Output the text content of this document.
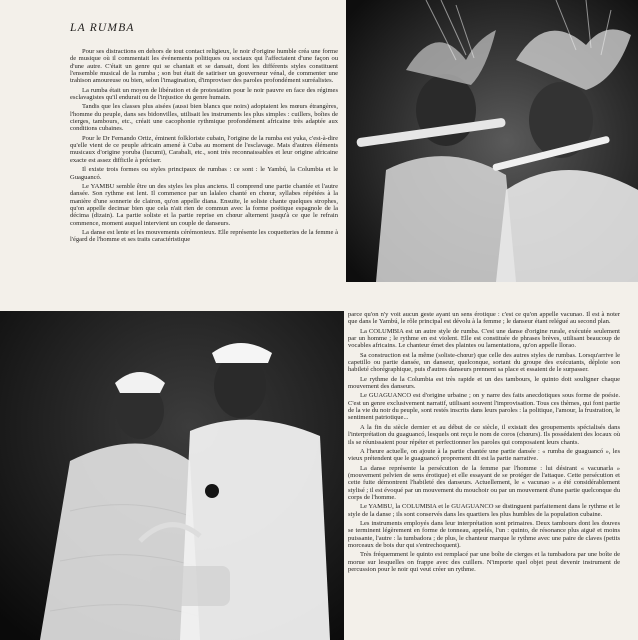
LA RUMBA

Pour ses distractions en dehors de tout contact religieux, le noir d'origine humble créa une forme de musique où il commentait les événements politiques ou sociaux qui l'affectaient d'une façon ou d'une autre. C'était un genre qui se chantait et se dansait, dont les différents styles constituent l'ensemble musical de la rumba ; son but était de satiriser un gouverneur vénal, de commenter une trahison amoureuse ou bien, selon l'imagination, d'improviser des paroles profondément surréalistes.

La rumba était un moyen de libération et de protestation pour le noir pauvre en face des régimes esclavagistes qu'il endurait ou de l'injustice du genre humain.

Tandis que les classes plus aisées (aussi bien blancs que noirs) adoptaient les mœurs étrangères, l'homme du peuple, dans ses bidonvilles, utilisait les instruments les plus simples : cuillers, boîtes de cierges, tambours, etc., créait une cacophonie rythmique profondément africaine très adaptée aux conditions cubaines.

Pour le Dr Fernando Ortiz, éminent folkloriste cubain, l'origine de la rumba est yuka, c'est-à-dire qu'elle vient de ce peuple africain amené à Cuba au moment de l'esclavage. Mais d'autres éléments musicaux d'origine yoruba (lucumi), Carabali, etc., sont très reconnaissables et leur origine africaine exacte est assez difficile à préciser.

Il existe trois formes ou styles principaux de rumbas : ce sont : le Yambú, la Columbia et le Guaguancó.

Le YAMBU semble être un des styles les plus anciens. Il comprend une partie chantée et l'autre dansée. Son rythme est lent. Il commence par un lalaleo chanté en chœur, syllabes répétées à la manière d'une sonnerie de clairon, qu'on appelle diana. Ensuite, le soliste chante quelques strophes, qu'on appelle decimar bien que cela n'ait rien de commun avec la forme poétique espagnole de la décima (dizain). La partie soliste et la partie reprise en chœur alternent jusqu'à ce que le refrain commence, moment auquel intervient un couple de danseurs.

La danse est lente et les mouvements cérémonieux. Elle représente les coquetteries de la femme à l'égard de l'homme et ses traits caractéristique

parce qu'on n'y voit aucun geste ayant un sens érotique : c'est ce qu'on appelle vacunao. Il est à noter que dans le Yambú, le rôle principal est dévolu à la femme ; le danseur étant relégué au second plan.

La COLUMBIA est un autre style de rumba. C'est une danse d'origine rurale, exécutée seulement par un homme ; le rythme en est violent. Elle est constituée de phrases brèves, utilisant beaucoup de vocables africains. Le chanteur émet des plaintes ou lamentations, qu'on appelle llorao.

Sa construction est la même (soliste-chœur) que celle des autres styles de rumbas. Lorsqu'arrive le capetillo ou partie dansée, un danseur, quelconque, sortant du groupe des exécutants, déploie son habileté chorégraphique, puis d'autres danseurs prennent sa place et essaient de le surpasser.

Le rythme de la Columbia est très rapide et un des tambours, le quinto doit souligner chaque mouvement des danseurs.

Le GUAGUANCO est d'origine urbaine ; on y narre des faits anecdotiques sous forme de poésie. C'est un genre exclusivement narratif, utilisant souvent l'improvisation. Tous ces thèmes, qui font partie de la vie du noir du peuple, sont restés inscrits dans leurs paroles : la politique, l'amour, la frustration, le sentiment patriotique...

A la fin du siècle dernier et au début de ce siècle, il existait des groupements spécialisés dans l'interprétation du guaguancó, lesquels ont reçu le nom de coros (chœurs). Ils possédaient des locaux où ils se réunissaient pour répéter et perfectionner les paroles qui composaient leurs chants.

A l'heure actuelle, on ajoute à la partie chantée une partie dansée : « rumba de guaguancó », les vieux prétendent que le guaguancó proprement dit est la partie narrative.

La danse représente la persécution de la femme par l'homme : lui désirant « vacunarla » (mouvement pelvien de sens érotique) et elle essayant de se protéger de l'attaque. Cette persécution et cette fuite démontrent l'habileté des danseurs. Actuellement, le « vacunao » a été considérablement stylisé ; il est évoqué par un mouvement du mouchoir ou par un mouvement d'une partie quelconque du corps de l'homme.

Le YAMBU, la COLUMBIA et le GUAGUANCO se distinguent parfaitement dans le rythme et le style de la danse ; ils sont conservés dans les quartiers les plus humbles de la population cubaine.

Les instruments employés dans leur interprétation sont primaires. Deux tambours dont les douves se terminent légèrement en forme de tonneau, appelés, l'un : quinto, de résonance plus aiguë et moins puissante, l'autre : la tumbadora ; de plus, le chanteur marque le rythme avec une paire de claves (petits morceaux de bois dur qui s'entrechoquent).

Très fréquemment le quinto est remplacé par une boîte de cierges et la tumbadora par une boîte de morue sur lesquelles on frappe avec des cuillers. N'importe quel objet peut devenir instrument de percussion pour le noir qui veut créer un rythme.
